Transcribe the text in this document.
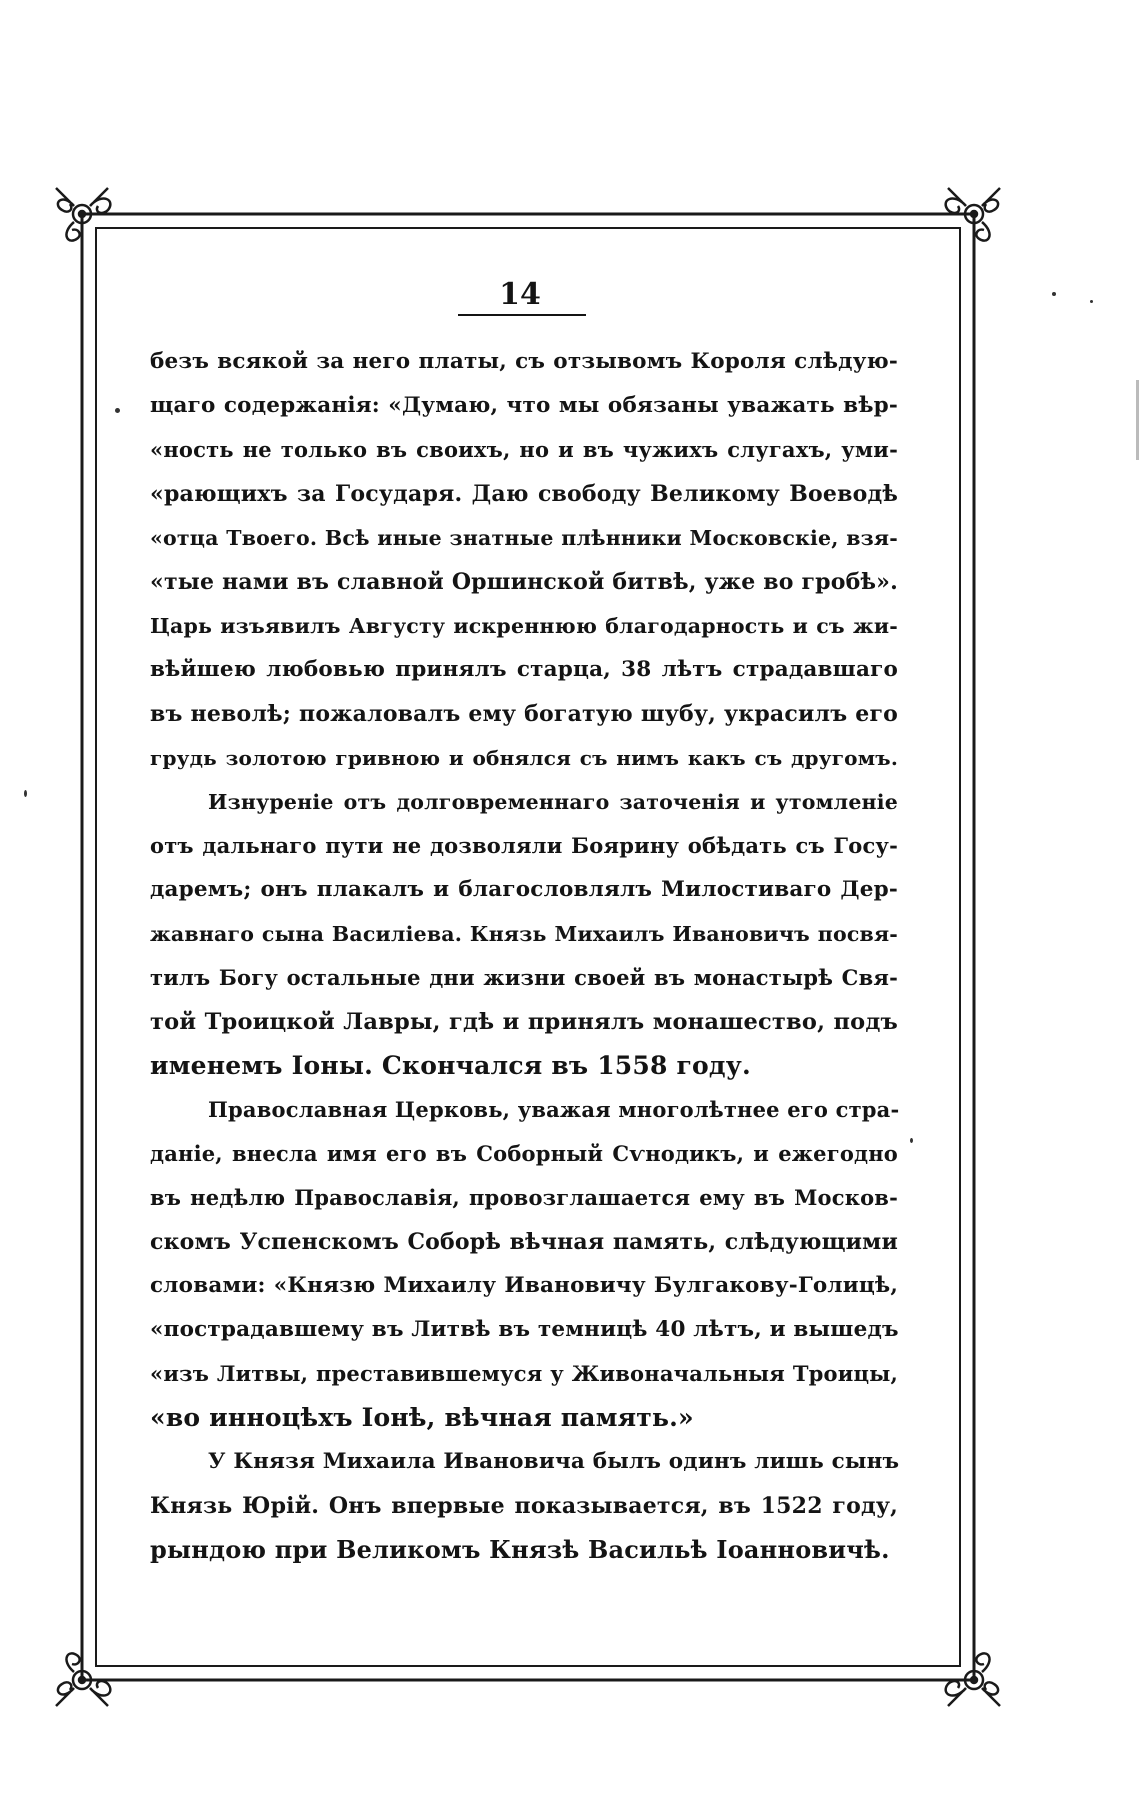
14
безъ всякой за него платы, съ отзывомъ Короля слѣдую-
щаго содержанія: «Думаю, что мы обязаны уважать вѣр-
«ность не только въ своихъ, но и въ чужихъ слугахъ, уми-
«рающихъ за Государя. Даю свободу Великому Воеводѣ
«отца Твоего. Всѣ иные знатные плѣнники Московскіе, взя-
«тые нами въ славной Оршинской битвѣ, уже во гробѣ».
Царь изъявилъ Августу искреннюю благодарность и съ жи-
вѣйшею любовью принялъ старца, 38 лѣтъ страдавшаго
въ неволѣ; пожаловалъ ему богатую шубу, украсилъ его
грудь золотою гривною и обнялся съ нимъ какъ съ другомъ.
Изнуреніе отъ долговременнаго заточенія и утомленіе
отъ дальнаго пути не дозволяли Боярину обѣдать съ Госу-
даремъ; онъ плакалъ и благословлялъ Милостиваго Дер-
жавнаго сына Василіева. Князь Михаилъ Ивановичъ посвя-
тилъ Богу остальные дни жизни своей въ монастырѣ Свя-
той Троицкой Лавры, гдѣ и принялъ монашество, подъ
именемъ Іоны. Скончался въ 1558 году.
Православная Церковь, уважая многолѣтнее его стра-
даніе, внесла имя его въ Соборный Сѵнодикъ, и ежегодно
въ недѣлю Православія, провозглашается ему въ Москов-
скомъ Успенскомъ Соборѣ вѣчная память, слѣдующими
словами: «Князю Михаилу Ивановичу Булгакову-Голицѣ,
«пострадавшему въ Литвѣ въ темницѣ 40 лѣтъ, и вышедъ
«изъ Литвы, преставившемуся у Живоначальныя Троицы,
«во инноцѣхъ Іонѣ, вѣчная память.»
У Князя Михаила Ивановича былъ одинъ лишь сынъ
Князь Юрій. Онъ впервые показывается, въ 1522 году,
рындою при Великомъ Князѣ Васильѣ Іоанновичѣ.
